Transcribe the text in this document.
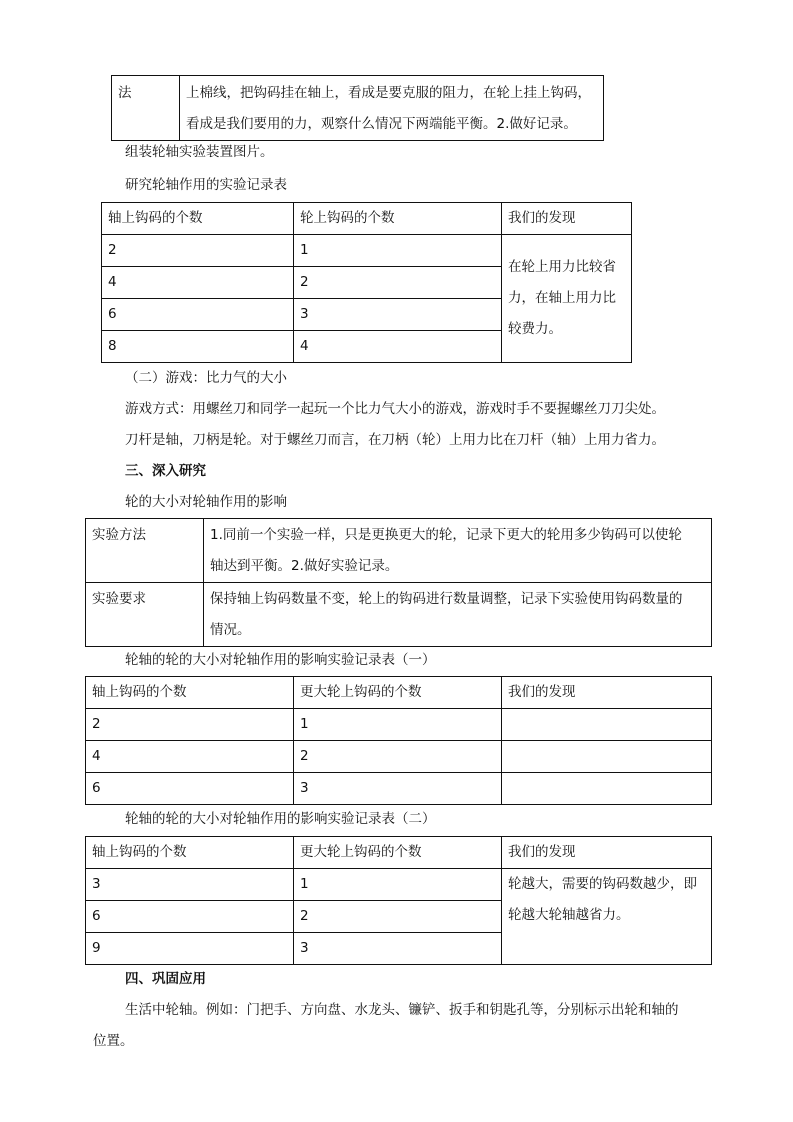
法	上棉线，把钩码挂在轴上，看成是要克服的阻力，在轮上挂上钩码，
看成是我们要用的力，观察什么情况下两端能平衡。2.做好记录。
组装轮轴实验装置图片。
研究轮轴作用的实验记录表
轴上钩码的个数	轮上钩码的个数	我们的发现
2	1	在轮上用力比较省
力，在轴上用力比
较费力。

4	2	
6	3	
8	4	
（二）游戏：比力气的大小
游戏方式：用螺丝刀和同学一起玩一个比力气大小的游戏，游戏时手不要握螺丝刀刀尖处。
刀杆是轴，刀柄是轮。对于螺丝刀而言，在刀柄（轮）上用力比在刀杆（轴）上用力省力。
三、深入研究
轮的大小对轮轴作用的影响
实验方法	1.同前一个实验一样，只是更换更大的轮，记录下更大的轮用多少钩码可以使轮
轴达到平衡。2.做好实验记录。

实验要求	保持轴上钩码数量不变，轮上的钩码进行数量调整，记录下实验使用钩码数量的
情况。
轮轴的轮的大小对轮轴作用的影响实验记录表（一）
轴上钩码的个数	更大轮上钩码的个数	我们的发现
2	1	
4	2	
6	3	
轮轴的轮的大小对轮轴作用的影响实验记录表（二）
轴上钩码的个数	更大轮上钩码的个数	我们的发现
3	1	轮越大，需要的钩码数越少，即
轮越大轮轴越省力。

6	2	
9	3	
四、巩固应用
生活中轮轴。例如：门把手、方向盘、水龙头、镰铲、扳手和钥匙孔等，分别标示出轮和轴的
位置。
